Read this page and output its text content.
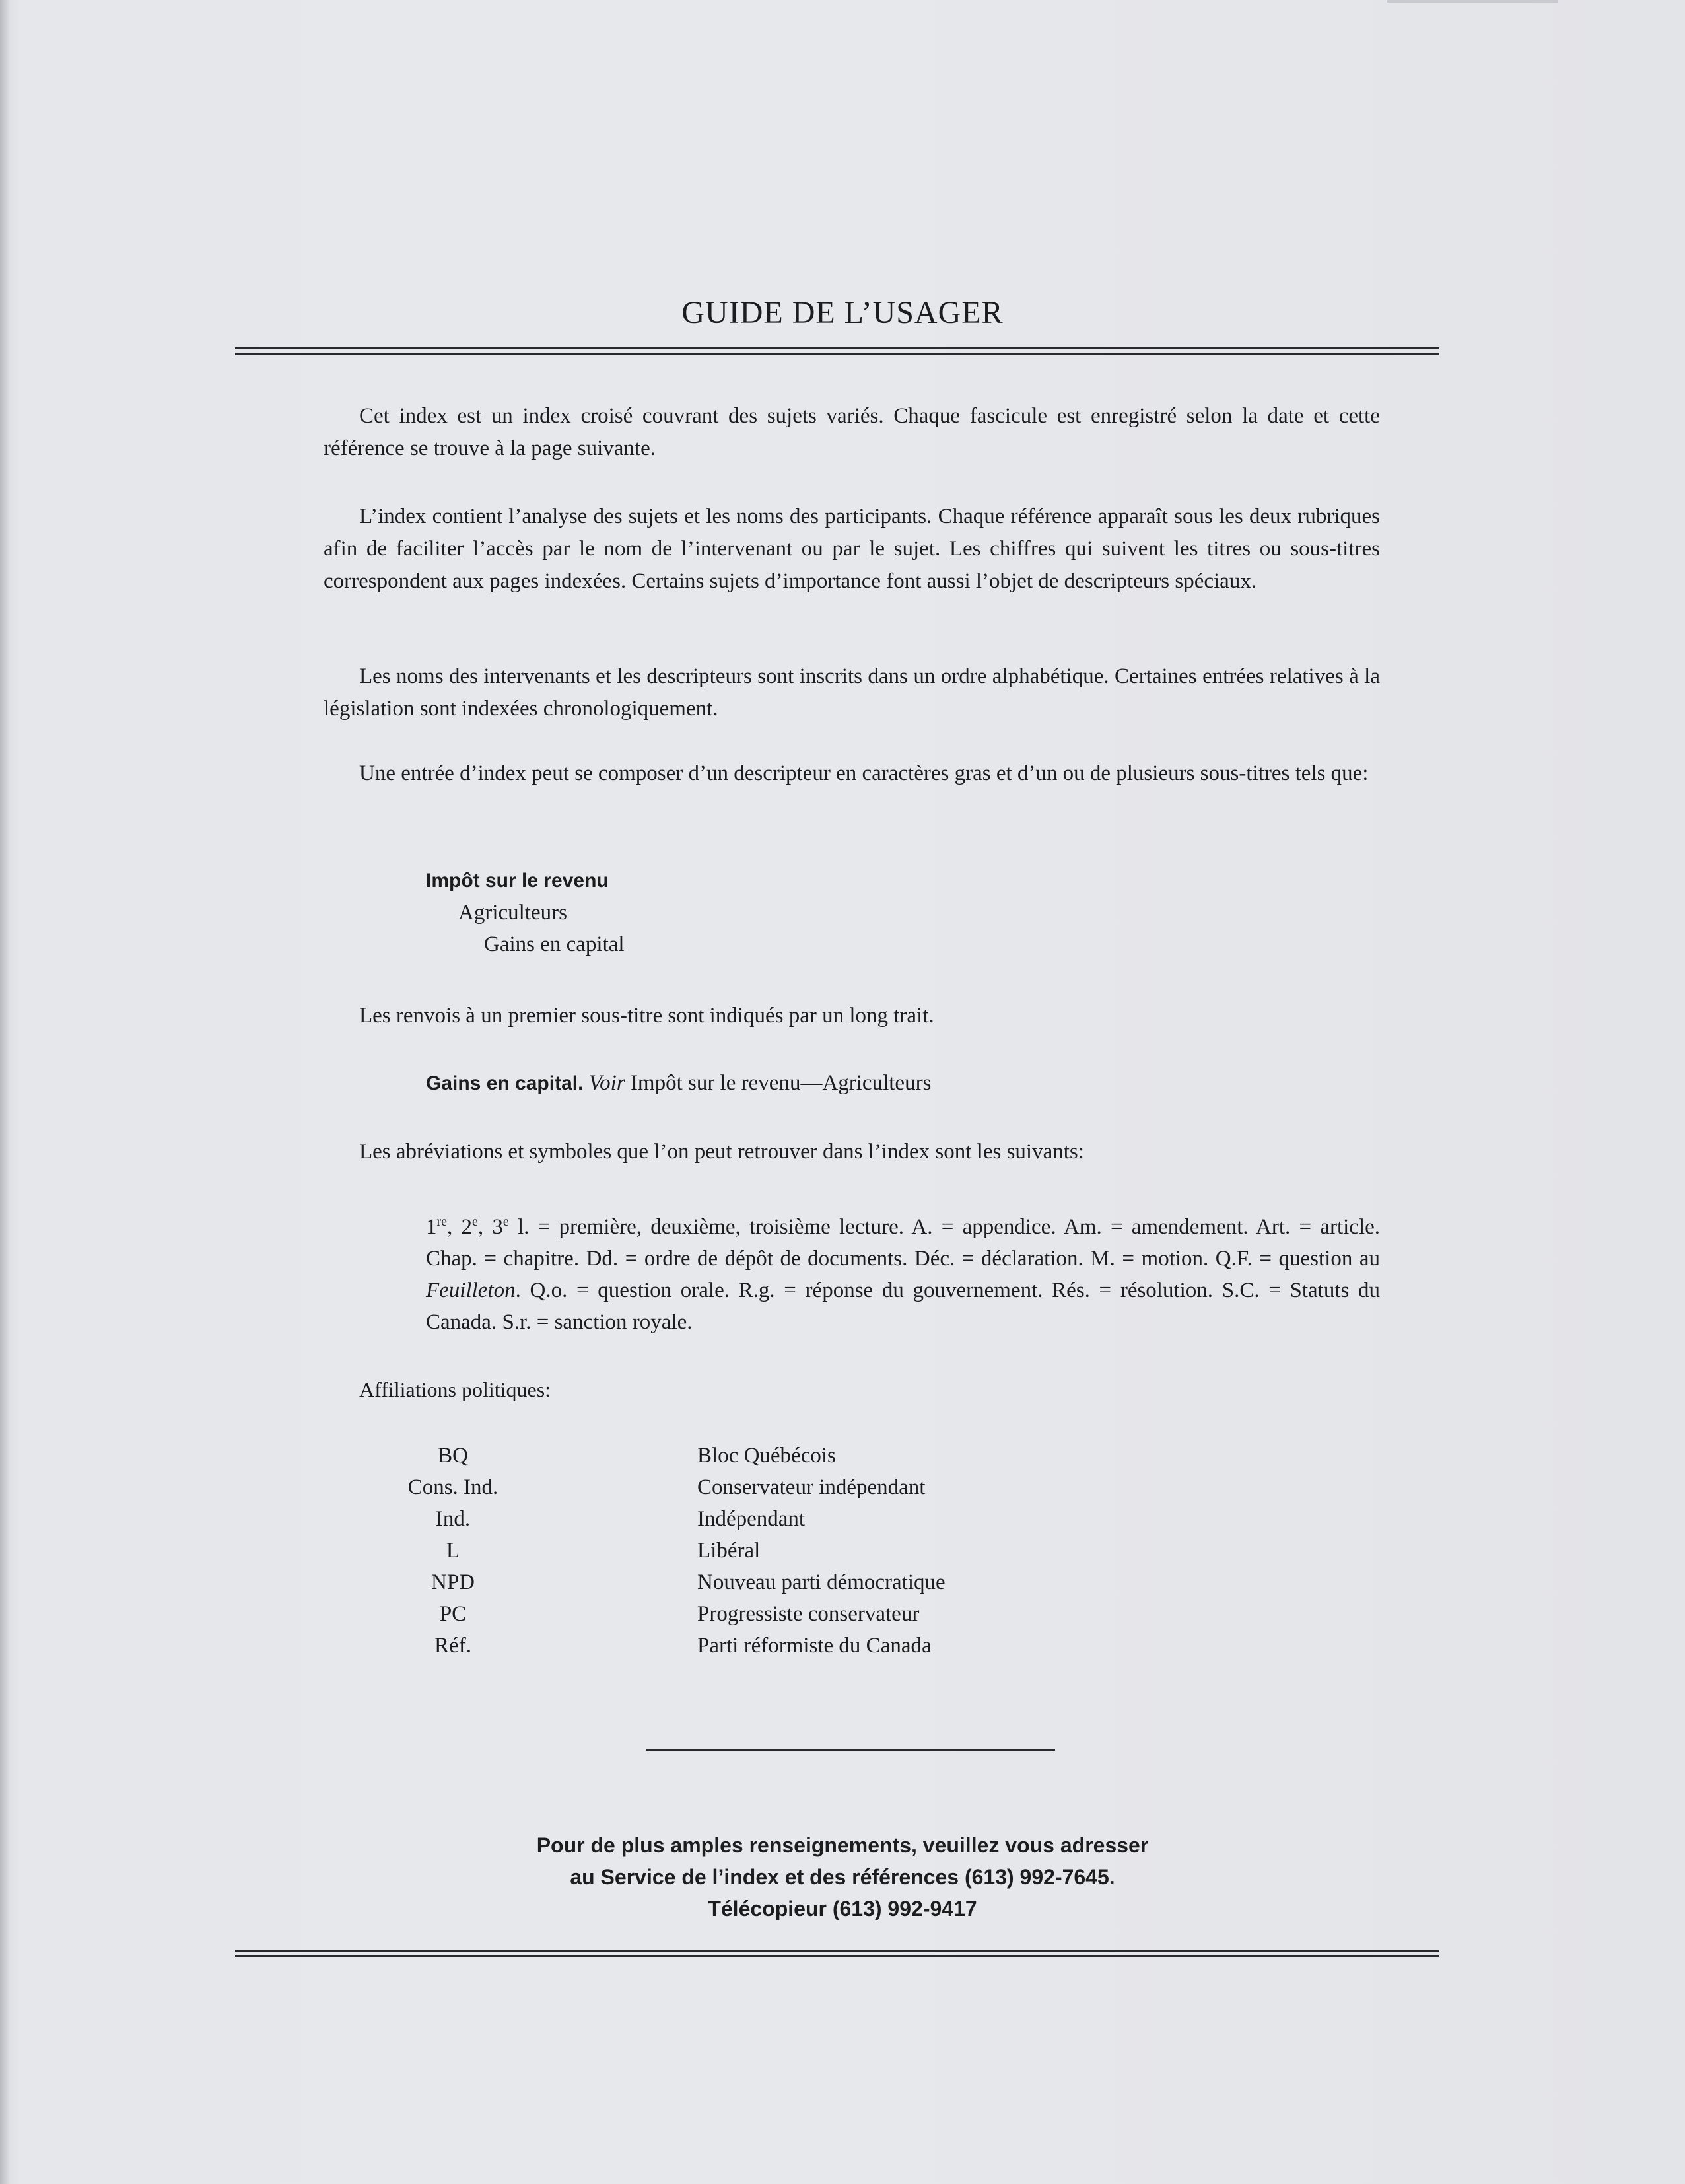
GUIDE DE L’USAGER

Cet index est un index croisé couvrant des sujets variés. Chaque fascicule est enregistré selon la date et cette référence se trouve à la page suivante.

L’index contient l’analyse des sujets et les noms des participants. Chaque référence apparaît sous les deux rubriques afin de faciliter l’accès par le nom de l’intervenant ou par le sujet. Les chiffres qui suivent les titres ou sous-titres correspondent aux pages indexées. Certains sujets d’importance font aussi l’objet de descripteurs spéciaux.

Les noms des intervenants et les descripteurs sont inscrits dans un ordre alphabétique. Certaines entrées relatives à la législation sont indexées chronologiquement.

Une entrée d’index peut se composer d’un descripteur en caractères gras et d’un ou de plusieurs sous-titres tels que:

Impôt sur le revenu
Agriculteurs
Gains en capital
Les renvois à un premier sous-titre sont indiqués par un long trait.
Gains en capital. Voir Impôt sur le revenu—Agriculteurs
Les abréviations et symboles que l’on peut retrouver dans l’index sont les suivants:

1re, 2e, 3e l. = première, deuxième, troisième lecture. A. = appendice. Am. = amendement. Art. = article. Chap. = chapitre. Dd. = ordre de dépôt de documents. Déc. = déclaration. M. = motion. Q.F. = question au Feuilleton. Q.o. = question orale. R.g. = réponse du gouvernement. Rés. = résolution. S.C. = Statuts du Canada. S.r. = sanction royale.

Affiliations politiques:
BQ		Bloc Québécois
Cons. Ind.		Conservateur indépendant
Ind.		Indépendant
L		Libéral
NPD		Nouveau parti démocratique
PC		Progressiste conservateur
Réf.		Parti réformiste du Canada
Pour de plus amples renseignements, veuillez vous adresser
au Service de l’index et des références (613) 992-7645.
Télécopieur (613) 992-9417
